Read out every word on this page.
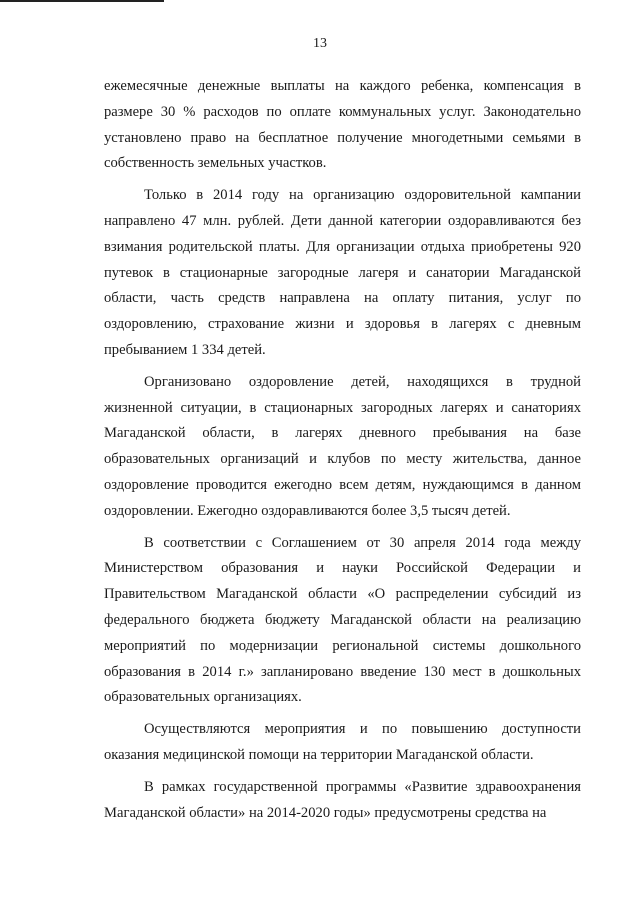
13

ежемесячные денежные выплаты на каждого ребенка, компенсация в размере 30 % расходов по оплате коммунальных услуг. Законодательно установлено право на бесплатное получение многодетными семьями в собственность земельных участков.

Только в 2014 году на организацию оздоровительной кампании направлено 47 млн. рублей. Дети данной категории оздоравливаются без взимания родительской платы. Для организации отдыха приобретены 920 путевок в стационарные загородные лагеря и санатории Магаданской области, часть средств направлена на оплату питания, услуг по оздоровлению, страхование жизни и здоровья в лагерях с дневным пребыванием 1 334 детей.

Организовано оздоровление детей, находящихся в трудной жизненной ситуации, в стационарных загородных лагерях и санаториях Магаданской области, в лагерях дневного пребывания на базе образовательных организаций и клубов по месту жительства, данное оздоровление проводится ежегодно всем детям, нуждающимся в данном оздоровлении. Ежегодно оздоравливаются более 3,5 тысяч детей.

В соответствии с Соглашением от 30 апреля 2014 года между Министерством образования и науки Российской Федерации и Правительством Магаданской области «О распределении субсидий из федерального бюджета бюджету Магаданской области на реализацию мероприятий по модернизации региональной системы дошкольного образования в 2014 г.» запланировано введение 130 мест в дошкольных образовательных организациях.

Осуществляются мероприятия и по повышению доступности оказания медицинской помощи на территории Магаданской области.

В рамках государственной программы «Развитие здравоохранения Магаданской области» на 2014-2020 годы» предусмотрены средства на
